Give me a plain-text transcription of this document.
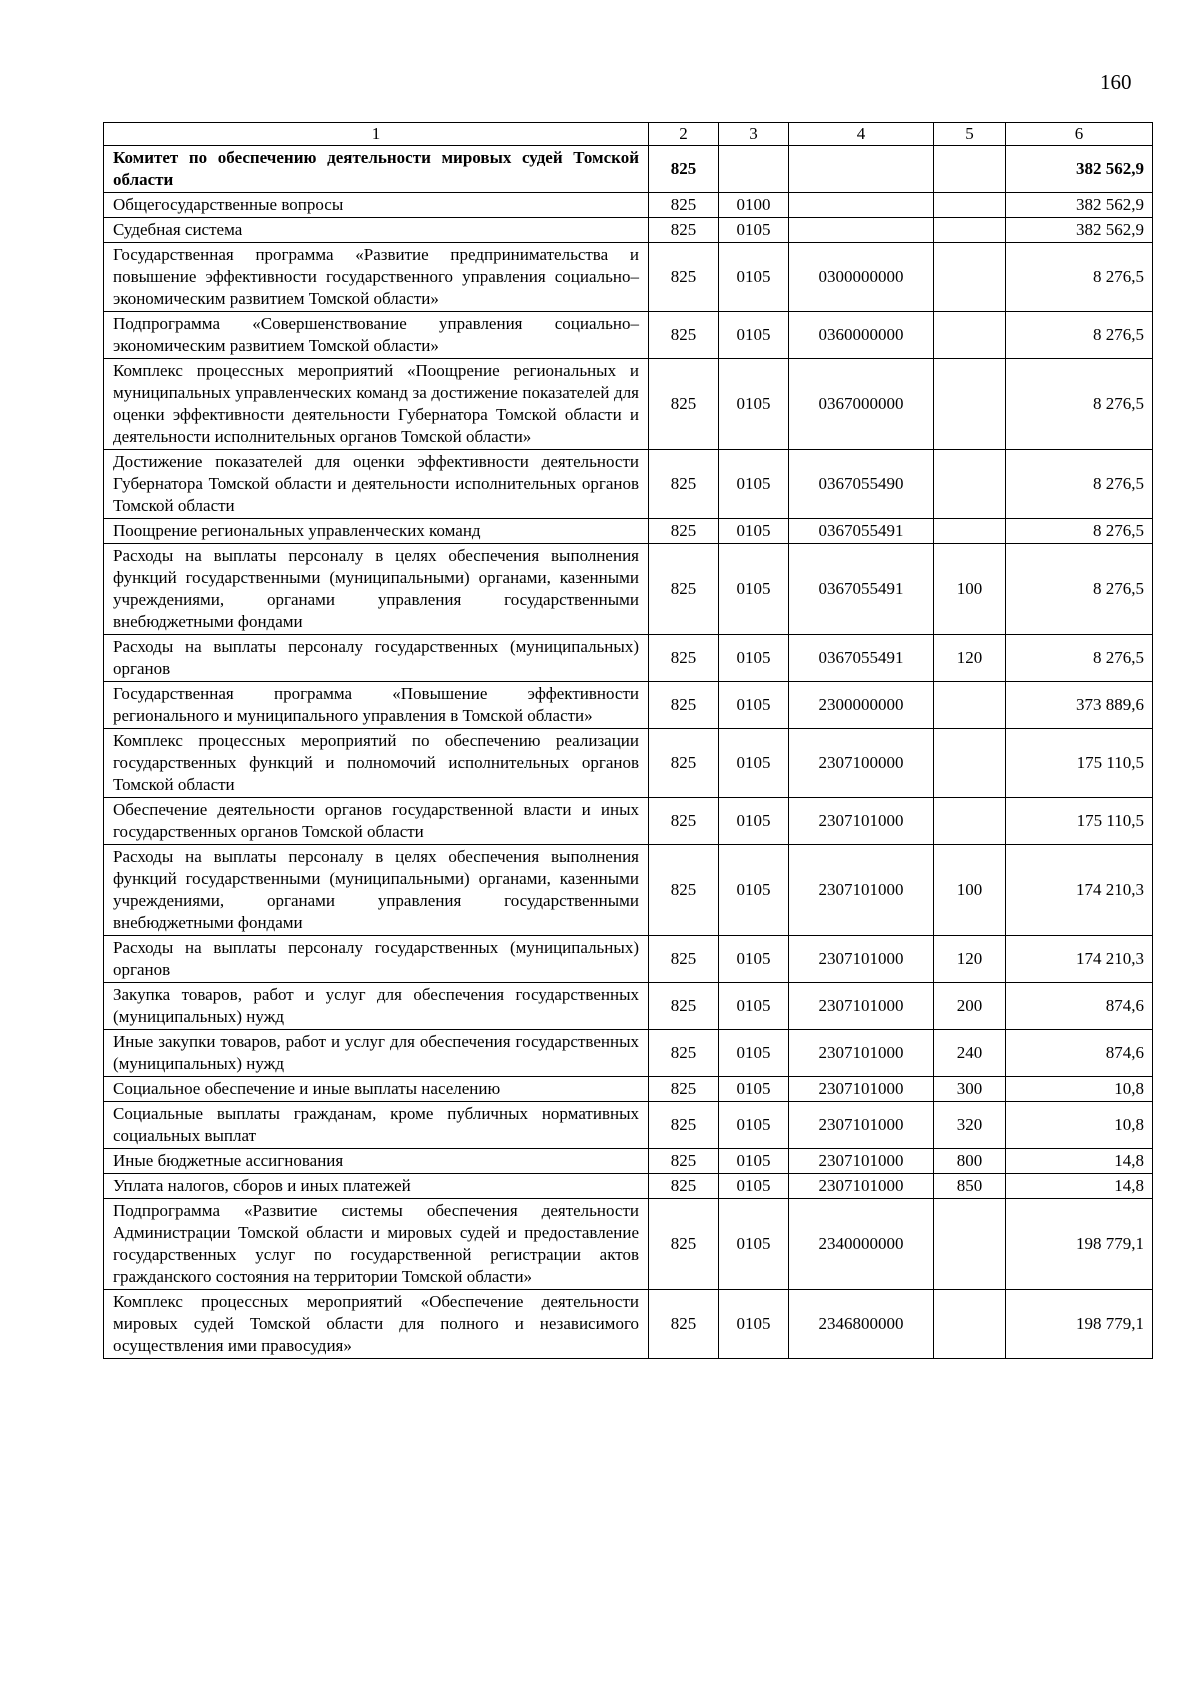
160
1	2	3	4	5	6
Комитет по обеспечению деятельности мировых судей Томской области	825				382 562,9
Общегосударственные вопросы	825	0100			382 562,9
Судебная система	825	0105			382 562,9
Государственная программа «Развитие предпринимательства и повышение эффективности государственного управления социально–экономическим развитием Томской области»	825	0105	0300000000		8 276,5
Подпрограмма «Совершенствование управления социально–экономическим развитием Томской области»	825	0105	0360000000		8 276,5
Комплекс процессных мероприятий «Поощрение региональных и муниципальных управленческих команд за достижение показателей для оценки эффективности деятельности Губернатора Томской области и деятельности исполнительных органов Томской области»	825	0105	0367000000		8 276,5
Достижение показателей для оценки эффективности деятельности Губернатора Томской области и деятельности исполнительных органов Томской области	825	0105	0367055490		8 276,5
Поощрение региональных управленческих команд	825	0105	0367055491		8 276,5
Расходы на выплаты персоналу в целях обеспечения выполнения функций государственными (муниципальными) органами, казенными учреждениями, органами управления государственными внебюджетными фондами	825	0105	0367055491	100	8 276,5
Расходы на выплаты персоналу государственных (муниципальных) органов	825	0105	0367055491	120	8 276,5
Государственная программа «Повышение эффективности регионального и муниципального управления в Томской области»	825	0105	2300000000		373 889,6
Комплекс процессных мероприятий по обеспечению реализации государственных функций и полномочий исполнительных органов Томской области	825	0105	2307100000		175 110,5
Обеспечение деятельности органов государственной власти и иных государственных органов Томской области	825	0105	2307101000		175 110,5
Расходы на выплаты персоналу в целях обеспечения выполнения функций государственными (муниципальными) органами, казенными учреждениями, органами управления государственными внебюджетными фондами	825	0105	2307101000	100	174 210,3
Расходы на выплаты персоналу государственных (муниципальных) органов	825	0105	2307101000	120	174 210,3
Закупка товаров, работ и услуг для обеспечения государственных (муниципальных) нужд	825	0105	2307101000	200	874,6
Иные закупки товаров, работ и услуг для обеспечения государственных (муниципальных) нужд	825	0105	2307101000	240	874,6
Социальное обеспечение и иные выплаты населению	825	0105	2307101000	300	10,8
Социальные выплаты гражданам, кроме публичных нормативных социальных выплат	825	0105	2307101000	320	10,8
Иные бюджетные ассигнования	825	0105	2307101000	800	14,8
Уплата налогов, сборов и иных платежей	825	0105	2307101000	850	14,8
Подпрограмма «Развитие системы обеспечения деятельности Администрации Томской области и мировых судей и предоставление государственных услуг по государственной регистрации актов гражданского состояния на территории Томской области»	825	0105	2340000000		198 779,1
Комплекс процессных мероприятий «Обеспечение деятельности мировых судей Томской области для полного и независимого осуществления ими правосудия»	825	0105	2346800000		198 779,1
